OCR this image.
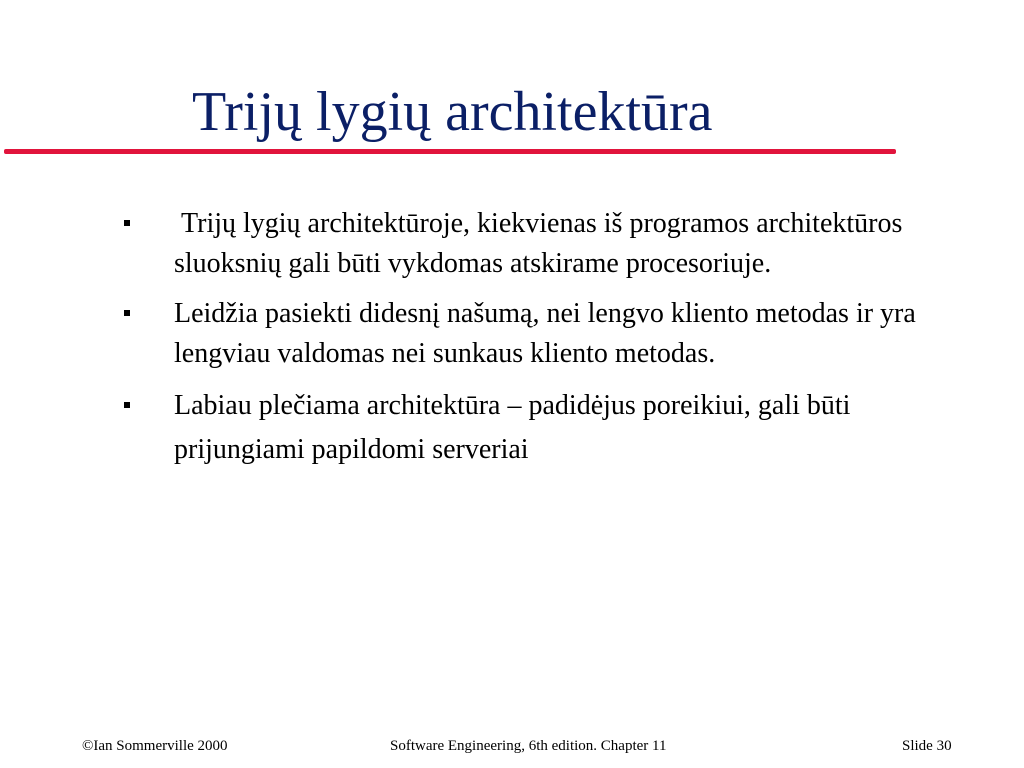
Trijų lygių architektūra
Trijų lygių architektūroje, kiekvienas iš programos architektūros sluoksnių gali būti vykdomas atskirame procesoriuje.
Leidžia pasiekti didesnį našumą, nei lengvo kliento metodas ir yra lengviau valdomas nei sunkaus kliento metodas.
Labiau plečiama architektūra – padidėjus poreikiui, gali būti prijungiami papildomi serveriai
©Ian Sommerville 2000	Software Engineering, 6th edition. Chapter 11	Slide 30
